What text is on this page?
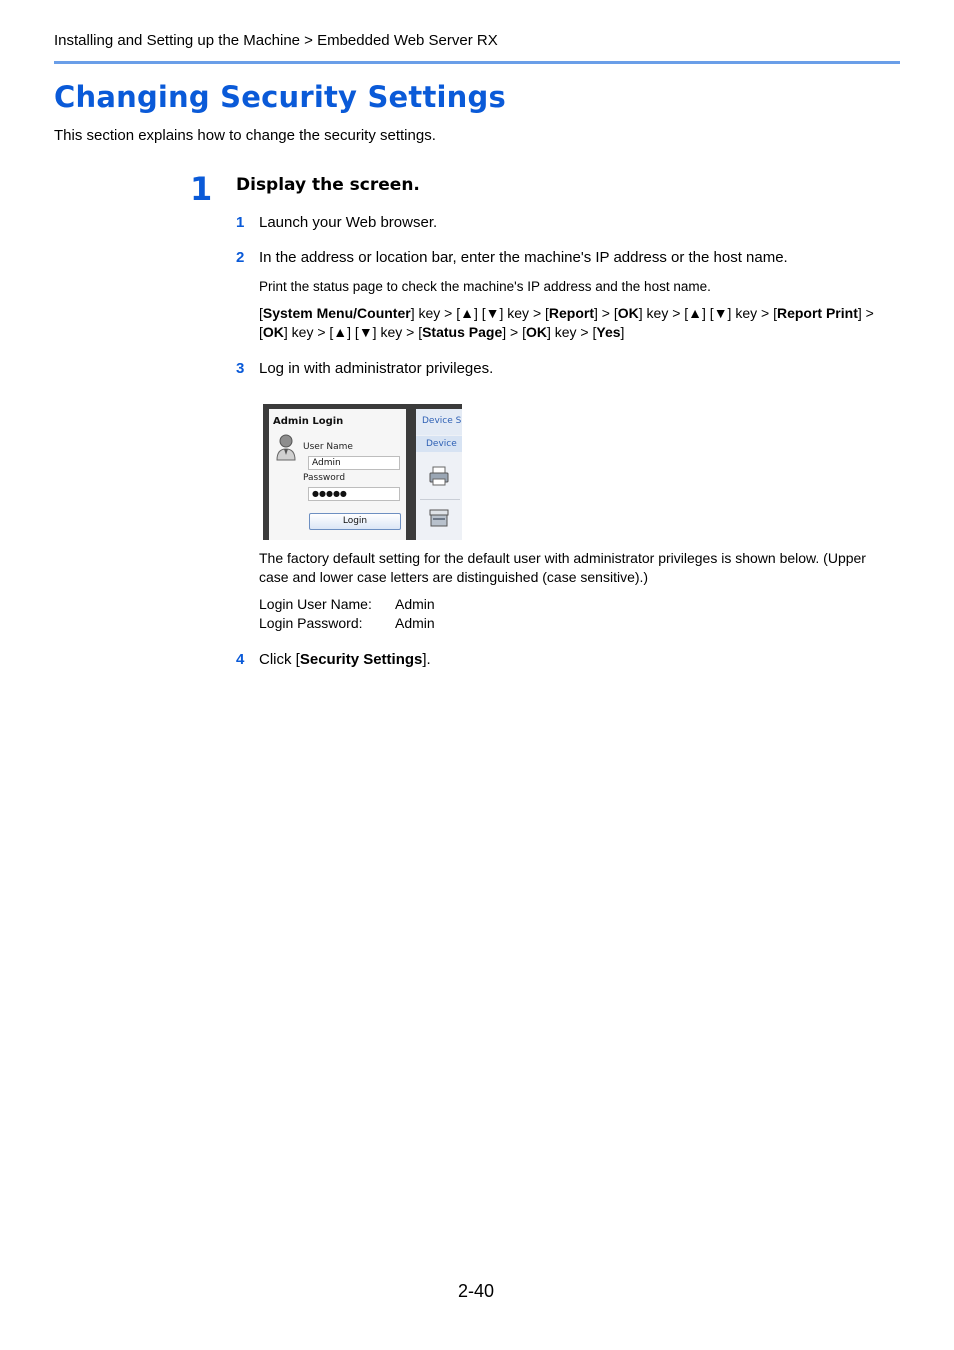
Installing and Setting up the Machine > Embedded Web Server RX
Changing Security Settings
This section explains how to change the security settings.
1 Display the screen.
1 Launch your Web browser.
2 In the address or location bar, enter the machine's IP address or the host name.
Print the status page to check the machine's IP address and the host name.
[System Menu/Counter] key > [▲] [▼] key > [Report] > [OK] key > [▲] [▼] key > [Report Print] > [OK] key > [▲] [▼] key > [Status Page] > [OK] key > [Yes]
3 Log in with administrator privileges.
Admin Login
User Name
Admin
Password
●●●●●
Login
Device S
Device
The factory default setting for the default user with administrator privileges is shown below. (Upper case and lower case letters are distinguished (case sensitive).)
Login User Name: Admin
Login Password: Admin
4 Click [Security Settings].
2-40
